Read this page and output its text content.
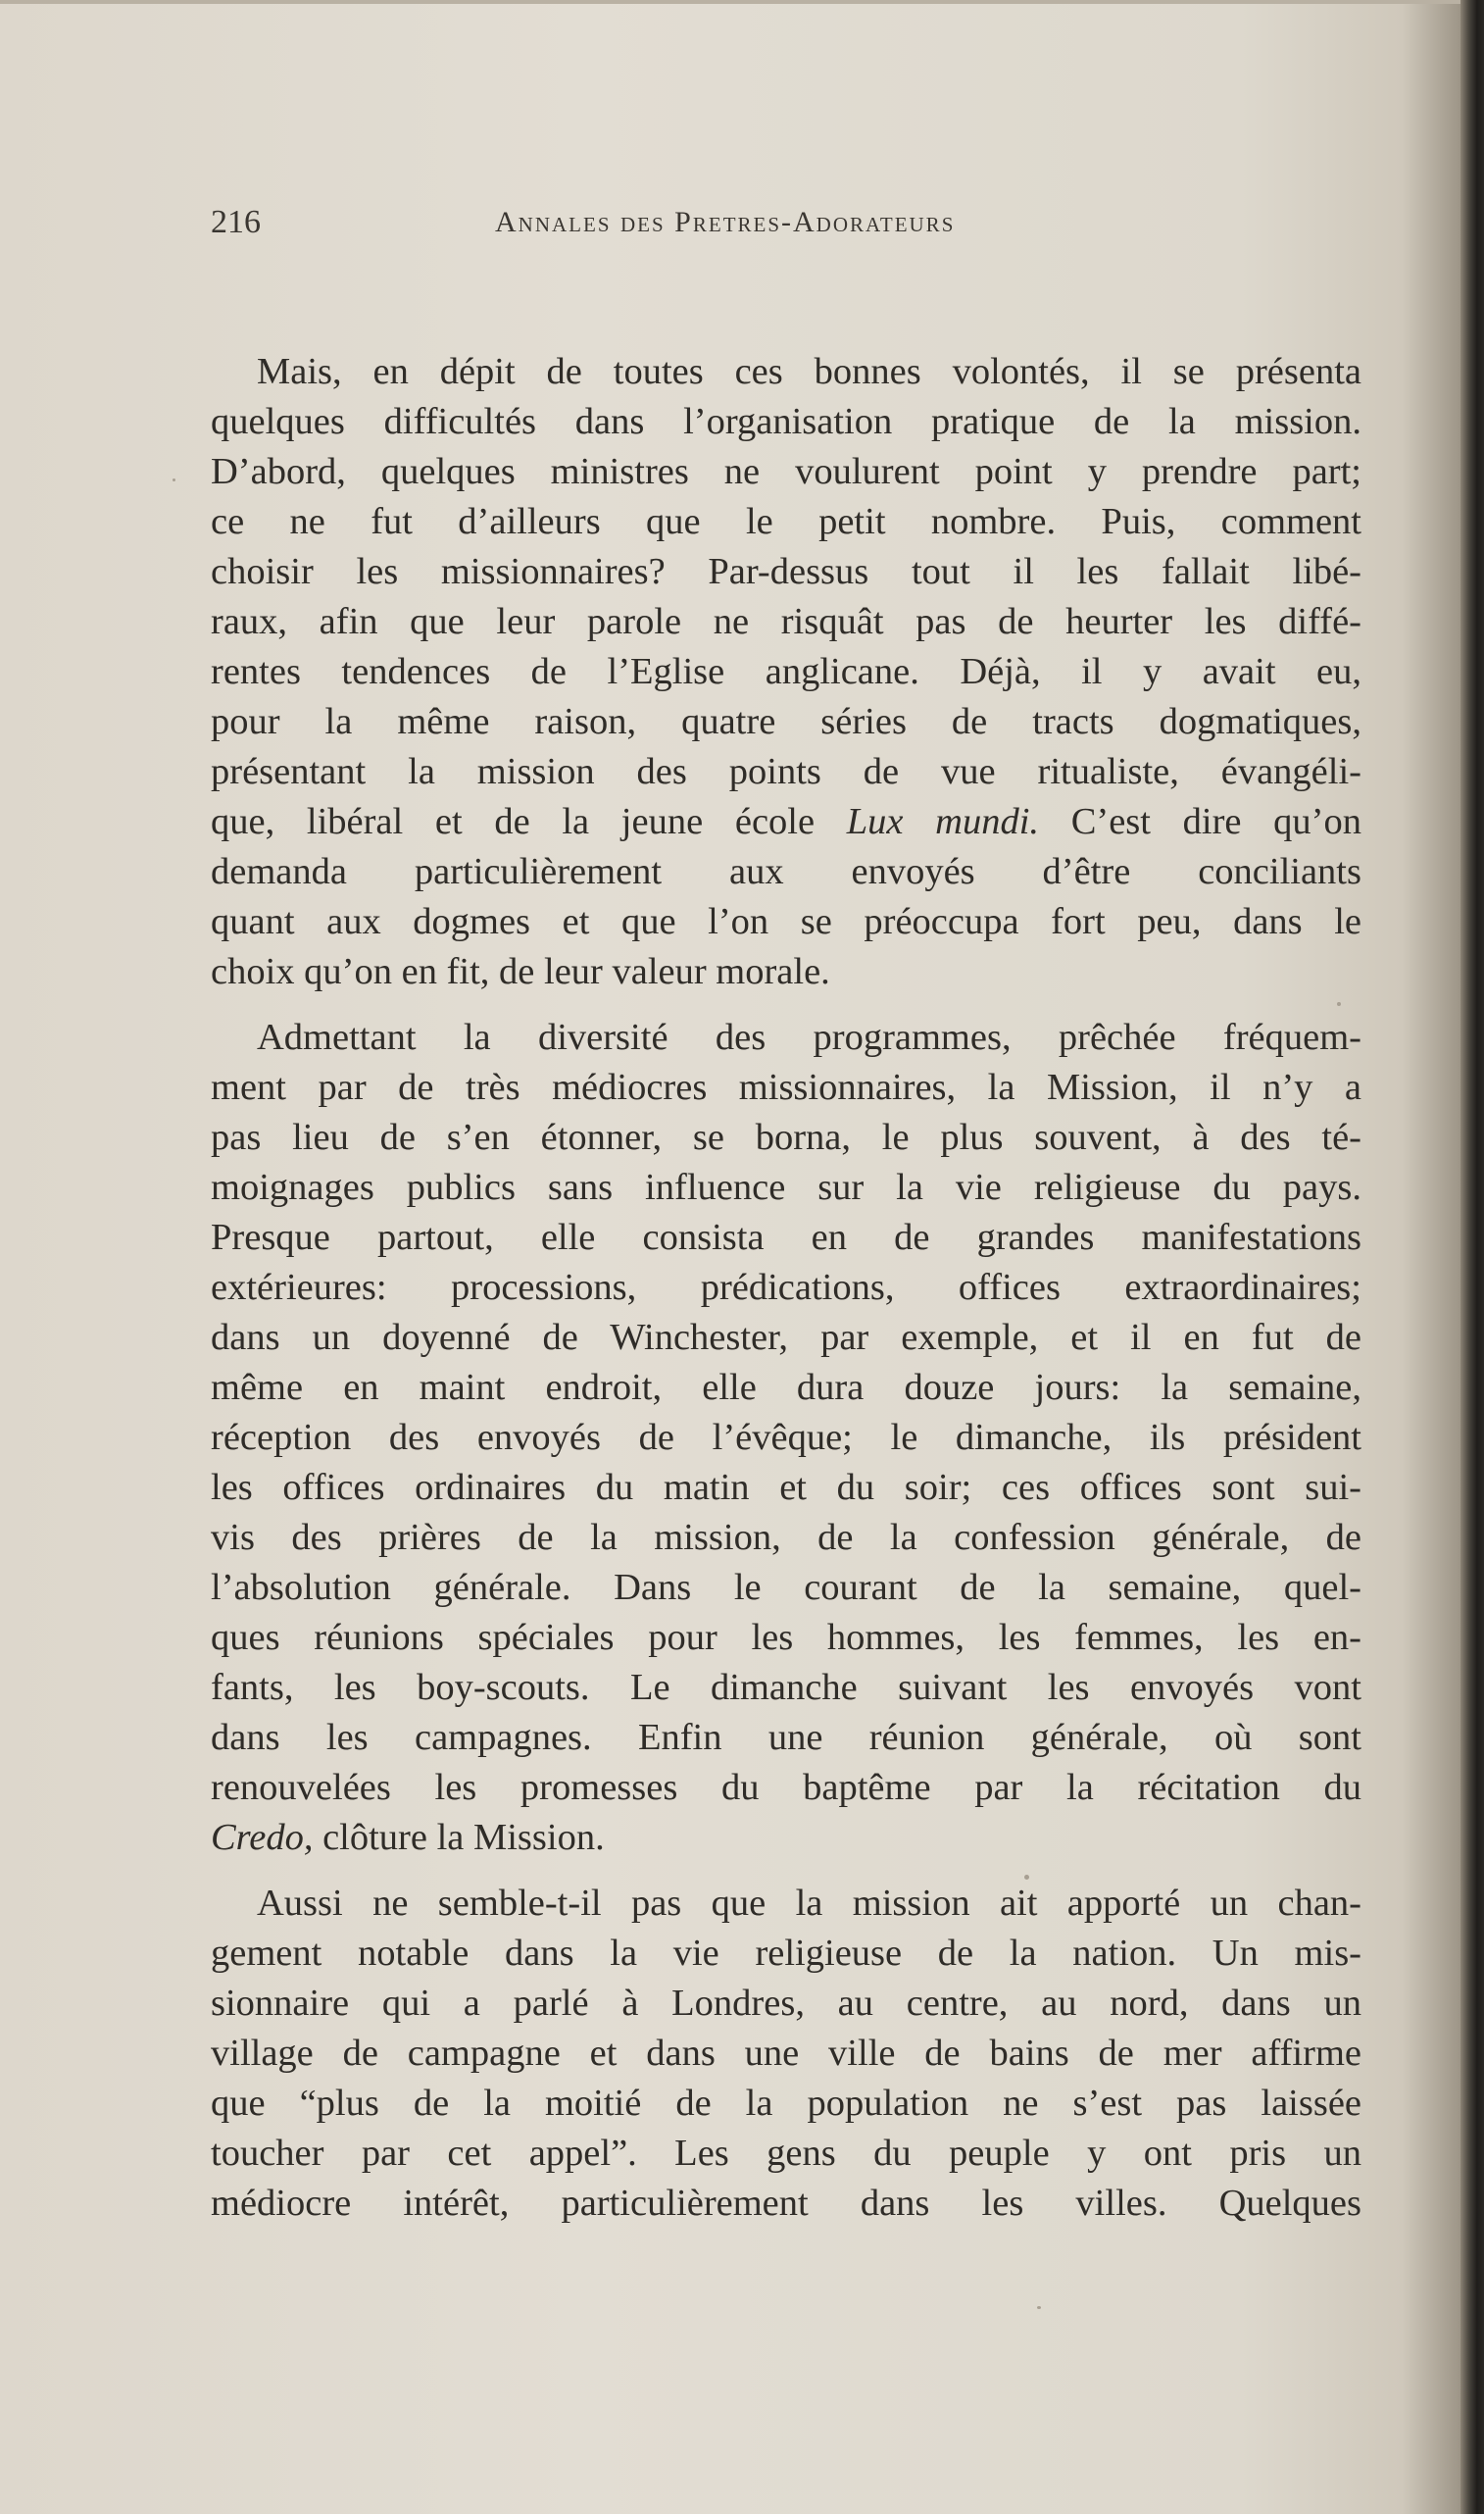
216	Annales des Pretres-Adorateurs

Mais, en dépit de toutes ces bonnes volontés, il se présenta
quelques difficultés dans l’organisation pratique de la mission.
D’abord, quelques ministres ne voulurent point y prendre part;
ce ne fut d’ailleurs que le petit nombre. Puis, comment
choisir les missionnaires? Par-dessus tout il les fallait libé-
raux, afin que leur parole ne risquât pas de heurter les diffé-
rentes tendences de l’Eglise anglicane. Déjà, il y avait eu,
pour la même raison, quatre séries de tracts dogmatiques,
présentant la mission des points de vue ritualiste, évangéli-
que, libéral et de la jeune école Lux mundi. C’est dire qu’on
demanda particulièrement aux envoyés d’être conciliants
quant aux dogmes et que l’on se préoccupa fort peu, dans le
choix qu’on en fit, de leur valeur morale.

Admettant la diversité des programmes, prêchée fréquem-
ment par de très médiocres missionnaires, la Mission, il n’y a
pas lieu de s’en étonner, se borna, le plus souvent, à des té-
moignages publics sans influence sur la vie religieuse du pays.
Presque partout, elle consista en de grandes manifestations
extérieures: processions, prédications, offices extraordinaires;
dans un doyenné de Winchester, par exemple, et il en fut de
même en maint endroit, elle dura douze jours: la semaine,
réception des envoyés de l’évêque; le dimanche, ils président
les offices ordinaires du matin et du soir; ces offices sont sui-
vis des prières de la mission, de la confession générale, de
l’absolution générale. Dans le courant de la semaine, quel-
ques réunions spéciales pour les hommes, les femmes, les en-
fants, les boy-scouts. Le dimanche suivant les envoyés vont
dans les campagnes. Enfin une réunion générale, où sont
renouvelées les promesses du baptême par la récitation du
Credo, clôture la Mission.

Aussi ne semble-t-il pas que la mission ait apporté un chan-
gement notable dans la vie religieuse de la nation. Un mis-
sionnaire qui a parlé à Londres, au centre, au nord, dans un
village de campagne et dans une ville de bains de mer affirme
que “plus de la moitié de la population ne s’est pas laissée
toucher par cet appel”. Les gens du peuple y ont pris un
médiocre intérêt, particulièrement dans les villes. Quelques
